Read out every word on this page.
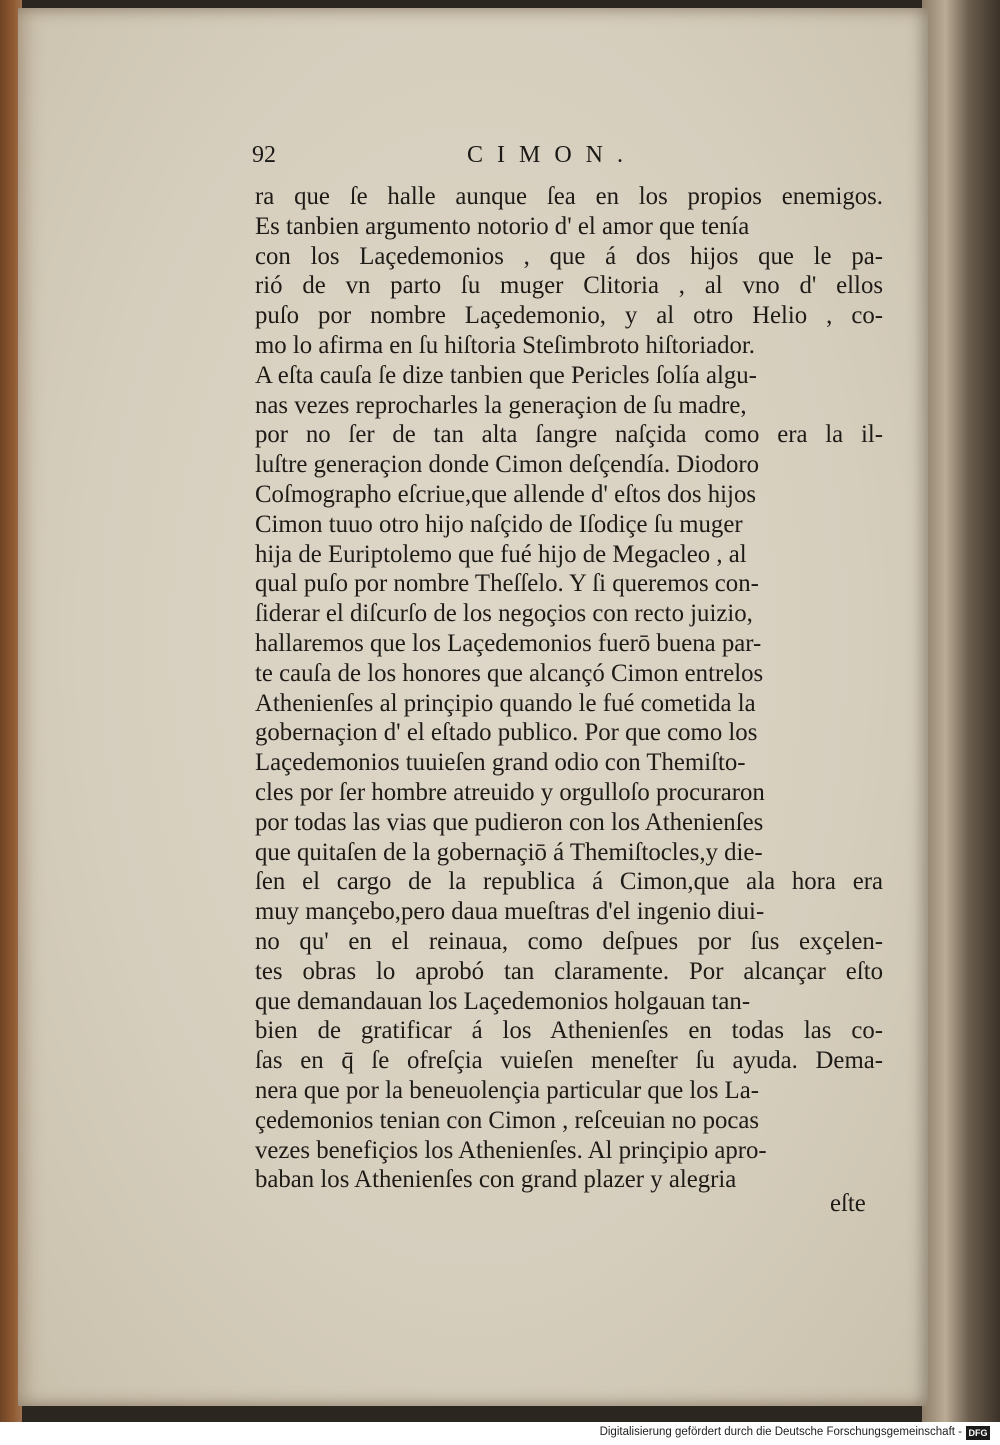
92	CIMON.
ra que ſe halle aunque ſea en los propios enemigos.
Es tanbien argumento notorio d' el amor que tenía
con los Laçedemonios , que á dos hijos que le pa-
rió de vn parto ſu muger Clitoria , al vno d' ellos
puſo por nombre Laçedemonio, y al otro Helio , co-
mo lo afirma en ſu hiſtoria Steſimbroto hiſtoriador.
A eſta cauſa ſe dize tanbien que Pericles ſolía algu-
nas vezes reprocharles la generaçion de ſu madre,
por no ſer de tan alta ſangre naſçida como era la il-
luſtre generaçion donde Cimon deſçendía. Diodoro
Coſmographo eſcriue,que allende d' eſtos dos hijos
Cimon tuuo otro hijo naſçido de Iſodiçe ſu muger
hija de Euriptolemo que fué hijo de Megacleo , al
qual puſo por nombre Theſſelo. Y ſi queremos con-
ſiderar el diſcurſo de los negoçios con recto juizio,
hallaremos que los Laçedemonios fuerō buena par-
te cauſa de los honores que alcançó Cimon entrelos
Athenienſes al prinçipio quando le fué cometida la
gobernaçion d' el eſtado publico. Por que como los
Laçedemonios tuuieſen grand odio con Themiſto-
cles por ſer hombre atreuido y orgulloſo procuraron
por todas las vias que pudieron con los Athenienſes
que quitaſen de la gobernaçiō á Themiſtocles,y die-
ſen el cargo de la republica á Cimon,que ala hora era
muy mançebo,pero daua mueſtras d'el ingenio diui-
no qu' en el reinaua, como deſpues por ſus exçelen-
tes obras lo aprobó tan claramente. Por alcançar eſto
que demandauan los Laçedemonios holgauan tan-
bien de gratificar á los Athenienſes en todas las co-
ſas en q̄ ſe ofreſçia vuieſen meneſter ſu ayuda. Dema-
nera que por la beneuolençia particular que los La-
çedemonios tenian con Cimon , reſceuian no pocas
vezes benefiçios los Athenienſes. Al prinçipio apro-
baban los Athenienſes con grand plazer y alegria
eſte
Digitalisierung gefördert durch die Deutsche Forschungsgemeinschaft - DFG
